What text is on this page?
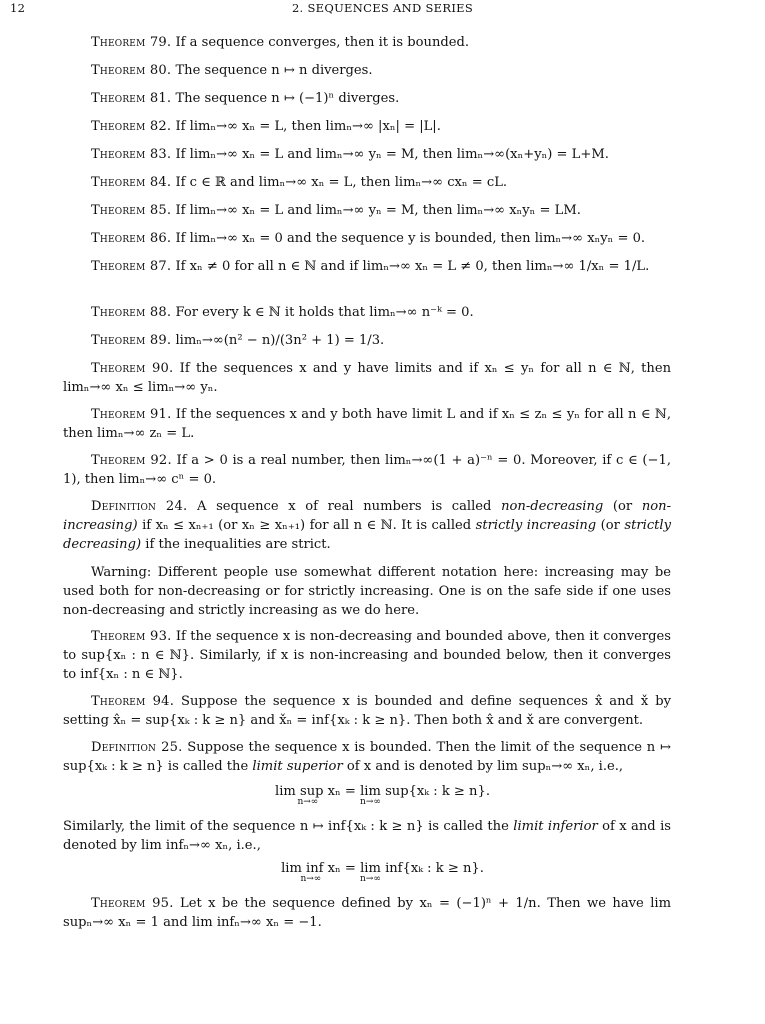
12	2. SEQUENCES AND SERIES
Theorem 79. If a sequence converges, then it is bounded.
Theorem 80. The sequence n ↦ n diverges.
Theorem 81. The sequence n ↦ (−1)ⁿ diverges.
Theorem 82. If limₙ→∞ xₙ = L, then limₙ→∞ |xₙ| = |L|.
Theorem 83. If limₙ→∞ xₙ = L and limₙ→∞ yₙ = M, then limₙ→∞(xₙ+yₙ) = L+M.
Theorem 84. If c ∈ ℝ and limₙ→∞ xₙ = L, then limₙ→∞ cxₙ = cL.
Theorem 85. If limₙ→∞ xₙ = L and limₙ→∞ yₙ = M, then limₙ→∞ xₙyₙ = LM.
Theorem 86. If limₙ→∞ xₙ = 0 and the sequence y is bounded, then limₙ→∞ xₙyₙ = 0.
Theorem 87. If xₙ ≠ 0 for all n ∈ ℕ and if limₙ→∞ xₙ = L ≠ 0, then limₙ→∞ 1/xₙ = 1/L.
Theorem 88. For every k ∈ ℕ it holds that limₙ→∞ n⁻ᵏ = 0.
Theorem 89. limₙ→∞(n² − n)/(3n² + 1) = 1/3.
Theorem 90. If the sequences x and y have limits and if xₙ ≤ yₙ for all n ∈ ℕ, then limₙ→∞ xₙ ≤ limₙ→∞ yₙ.
Theorem 91. If the sequences x and y both have limit L and if xₙ ≤ zₙ ≤ yₙ for all n ∈ ℕ, then limₙ→∞ zₙ = L.
Theorem 92. If a > 0 is a real number, then limₙ→∞(1 + a)⁻ⁿ = 0. Moreover, if c ∈ (−1, 1), then limₙ→∞ cⁿ = 0.
Definition 24. A sequence x of real numbers is called non-decreasing (or non-increasing) if xₙ ≤ xₙ₊₁ (or xₙ ≥ xₙ₊₁) for all n ∈ ℕ. It is called strictly increasing (or strictly decreasing) if the inequalities are strict.
Warning: Different people use somewhat different notation here: increasing may be used both for non-decreasing or for strictly increasing. One is on the safe side if one uses non-decreasing and strictly increasing as we do here.
Theorem 93. If the sequence x is non-decreasing and bounded above, then it converges to sup{xₙ : n ∈ ℕ}. Similarly, if x is non-increasing and bounded below, then it converges to inf{xₙ : n ∈ ℕ}.
Theorem 94. Suppose the sequence x is bounded and define sequences x̂ and x̌ by setting x̂ₙ = sup{xₖ : k ≥ n} and x̌ₙ = inf{xₖ : k ≥ n}. Then both x̂ and x̌ are convergent.
Definition 25. Suppose the sequence x is bounded. Then the limit of the sequence n ↦ sup{xₖ : k ≥ n} is called the limit superior of x and is denoted by lim supₙ→∞ xₙ, i.e.,
lim sup xₙ
n→∞
= lim
n→∞
sup{xₖ : k ≥ n}.
Similarly, the limit of the sequence n ↦ inf{xₖ : k ≥ n} is called the limit inferior of x and is denoted by lim infₙ→∞ xₙ, i.e.,
lim inf xₙ
n→∞
= lim
n→∞
inf{xₖ : k ≥ n}.
Theorem 95. Let x be the sequence defined by xₙ = (−1)ⁿ + 1/n. Then we have lim supₙ→∞ xₙ = 1 and lim infₙ→∞ xₙ = −1.
